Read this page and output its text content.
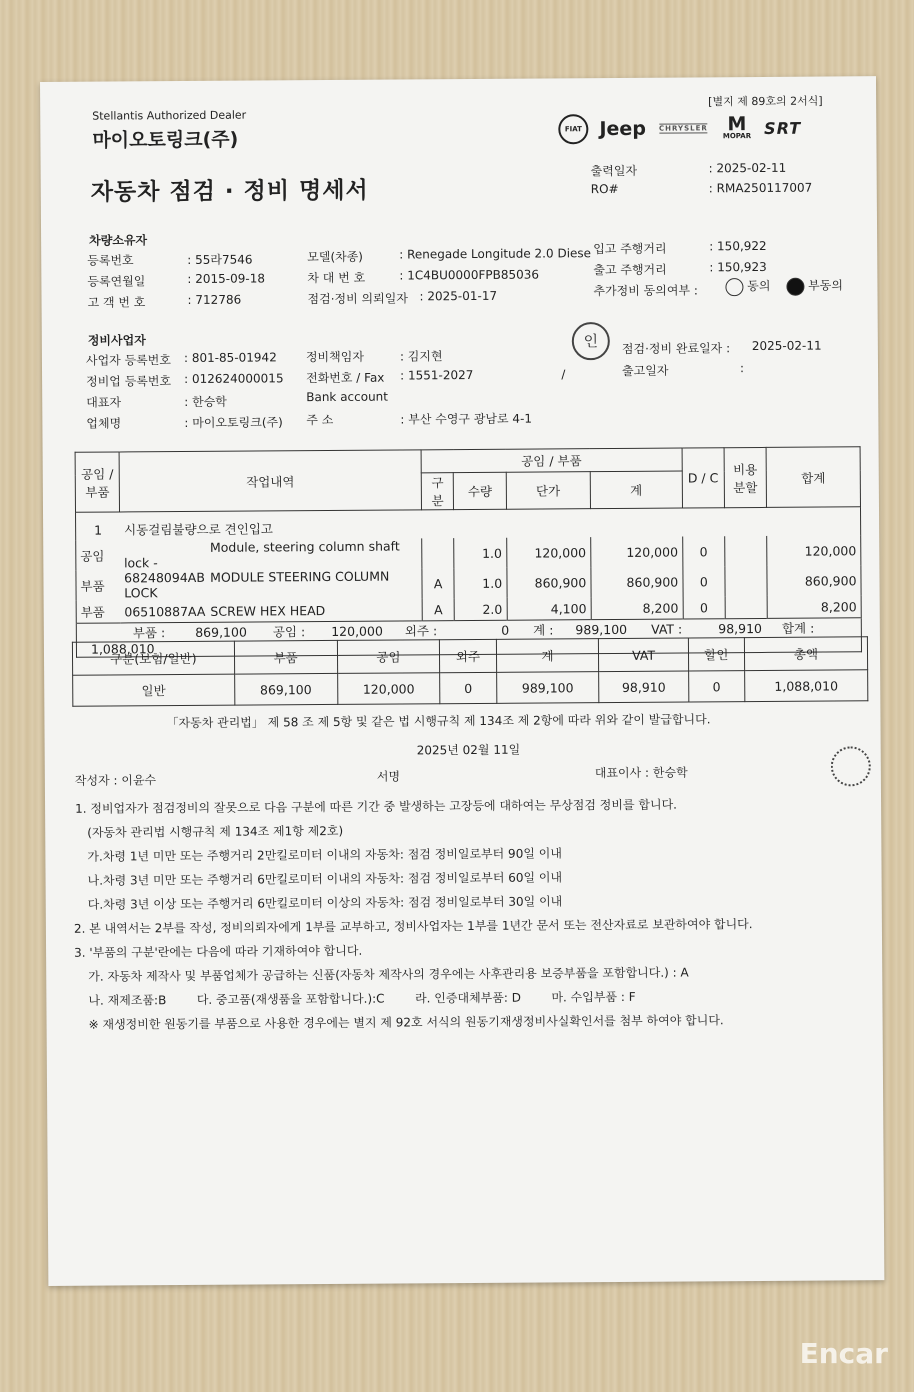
[별지 제 89호의 2서식]
Stellantis Authorized Dealer
마이오토링크(주)	FIAT Jeep CHRYSLER M
MOPAR SRT
자동차 점검 · 정비 명세서
출력일자	: 2025-02-11
RO#	: RMA250117007
차량소유자
등록번호	: 55라7546
등록연월일	: 2015-09-18
고 객 번 호	: 712786
모델(차종)	: Renegade Longitude 2.0 Diese
차 대 번 호	: 1C4BU0000FPB85036
점검·정비 의뢰일자 : 2025-01-17
입고 주행거리	: 150,922
출고 주행거리	: 150,923
추가정비 동의여부 :	동의	부동의
정비사업자
사업자 등록번호 : 801-85-01942
정비업 등록번호 : 012624000015
대표자	: 한승학
업체명	: 마이오토링크(주)
정비책임자	: 김지현
전화번호 / Fax : 1551-2027	/
Bank account
주 소	: 부산 수영구 광남로 4-1
인	점검·정비 완료일자 : 2025-02-11
출고일자	:
공임 / 부품	작업내역	공임 / 부품				D / C	비용 분할	합계
		구분	수량	단가	계			
1 시동걸림불량으로 견인입고								
공임	Module, steering column shaft lock -		1.0	120,000	120,000	0		120,000
부품	68248094AB MODULE STEERING COLUMN LOCK	A	1.0	860,900	860,900	0		860,900
부품	06510887AA SCREW HEX HEAD	A	2.0	4,100	8,200	0		8,200
부품 : 869,100 공임 : 120,000 외주 : 0 계 : 989,100 VAT : 98,910 합계 : 1,088,010								
구분(보험/일반)	부품	공임	외주	계	VAT	할인	총액
일반	869,100	120,000	0	989,100	98,910	0	1,088,010
「자동차 관리법」 제 58 조 제 5항 및 같은 법 시행규칙 제 134조 제 2항에 따라 위와 같이 발급합니다.
2025년 02월 11일
작성자 : 이윤수	서명	대표이사 : 한승학
1. 정비업자가 점검정비의 잘못으로 다음 구분에 따른 기간 중 발생하는 고장등에 대하여는 무상점검 정비를 합니다.
(자동차 관리법 시행규칙 제 134조 제1항 제2호)
가.차령 1년 미만 또는 주행거리 2만킬로미터 이내의 자동차: 점검 정비일로부터 90일 이내
나.차령 3년 미만 또는 주행거리 6만킬로미터 이내의 자동차: 점검 정비일로부터 60일 이내
다.차령 3년 이상 또는 주행거리 6만킬로미터 이상의 자동차: 점검 정비일로부터 30일 이내
2. 본 내역서는 2부를 작성, 정비의뢰자에게 1부를 교부하고, 정비사업자는 1부를 1년간 문서 또는 전산자료로 보관하여야 합니다.
3. '부품의 구분'란에는 다음에 따라 기재하여야 합니다.
가. 자동차 제작사 및 부품업체가 공급하는 신품(자동차 제작사의 경우에는 사후관리용 보증부품을 포함합니다.) : A
나. 재제조품:B        다. 중고품(재생품을 포함합니다.):C        라. 인증대체부품: D        마. 수입부품 : F
※ 재생정비한 원동기를 부품으로 사용한 경우에는 별지 제 92호 서식의 원동기재생정비사실확인서를 첨부 하여야 합니다.
Encar
